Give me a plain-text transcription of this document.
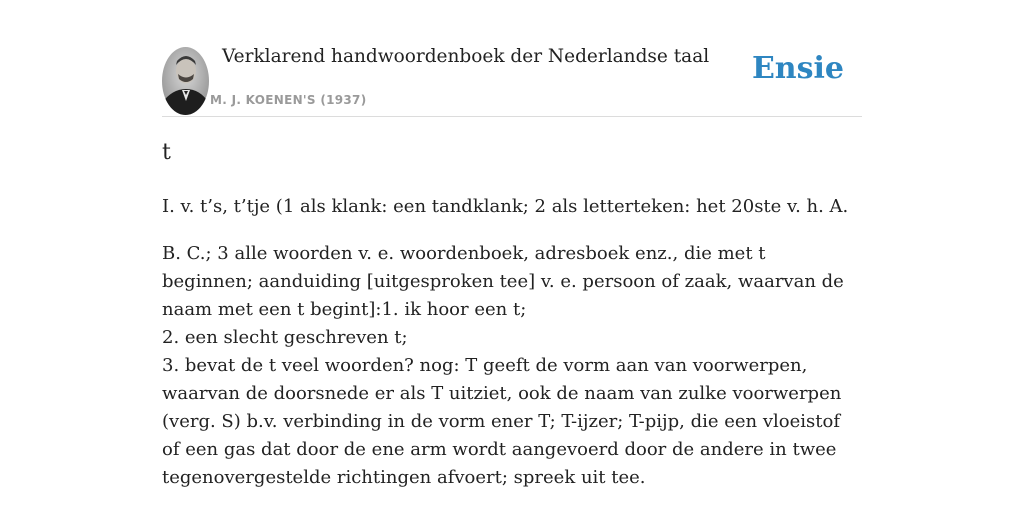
Verklarend handwoordenboek der Nederlandse taal
M. J. KOENEN'S (1937)
Ensie
t

I. v. t’s, t’tje (1 als klank: een tandklank; 2 als letterteken: het 20ste v. h. A.

B. C.; 3 alle woorden v. e. woordenboek, adresboek enz., die met t beginnen; aanduiding [uitgesproken tee] v. e. persoon of zaak, waarvan de naam met een t begint]:1. ik hoor een t;
2. een slecht geschreven t;
3. bevat de t veel woorden? nog: T geeft de vorm aan van voorwerpen, waarvan de doorsnede er als T uitziet, ook de naam van zulke voorwerpen (verg. S) b.v. verbinding in de vorm ener T; T-ijzer; T-pijp, die een vloeistof of een gas dat door de ene arm wordt aangevoerd door de andere in twee tegenovergestelde richtingen afvoert; spreek uit tee.
